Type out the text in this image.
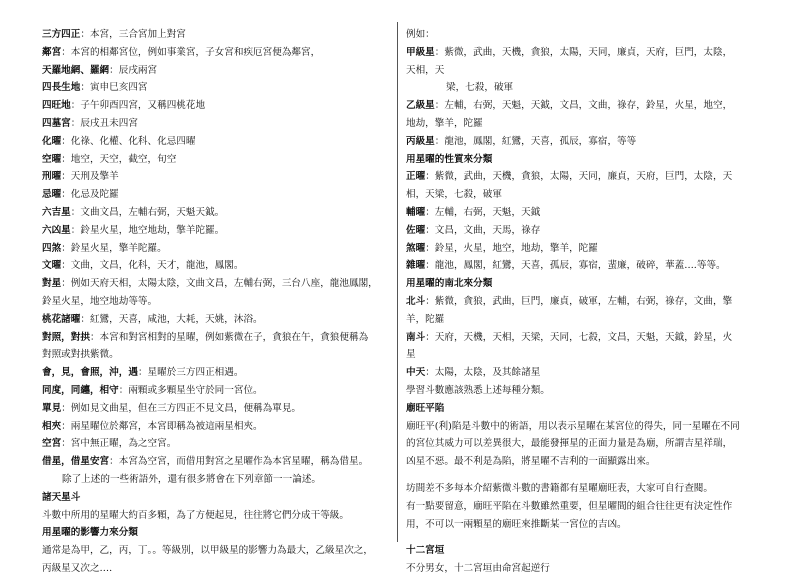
三方四正：本宮，三合宮加上對宮
鄰宮：本宮的相鄰宮位，例如事業宮，子女宮和疾厄宮便為鄰宮，
天羅地網、羅網：辰戌兩宮
四長生地：寅申巳亥四宮
四旺地：子午卯酉四宮，又稱四桃花地
四墓宮：辰戌丑未四宮
化曜：化祿、化權、化科、化忌四曜
空曜：地空，天空，截空，旬空
刑曜：天刑及擎羊
忌曜：化忌及陀羅
六吉星：文曲文昌，左輔右弼，天魁天鉞。
六凶星：鈴星火星，地空地劫，擎羊陀羅。
四煞：鈴星火星，擎羊陀羅。
文曜：文曲，文昌，化科，天才，龍池，鳳閣。
對星：例如天府天相，太陽太陰，文曲文昌，左輔右弼，三台八座，龍池鳳閣，
鈴星火星，地空地劫等等。
桃花諸曜：紅鸞，天喜，咸池，大耗，天姚，沐浴。
對照，對拱：本宮和對宮相對的星曜，例如紫微在子，貪狼在午，貪狼便稱為
對照或對拱紫微。
會，見，會照，沖，遇：星曜於三方四正相遇。
同度，同纏，相守：兩顆或多顆星坐守於同一宮位。
單見：例如見文曲星，但在三方四正不見文昌，便稱為單見。
相夾：兩星曜位於鄰宮，本宮即稱為被這兩星相夾。
空宮：宮中無正曜，為之空宮。
借星，借星安宮：本宮為空宮，而借用對宮之星曜作為本宮星曜，稱為借星。
除了上述的一些術語外，還有很多將會在下列章節一一論述。
諸天星斗
斗數中所用的星曜大約百多顆，為了方便起見，往往將它們分成干等級。
用星曜的影響力來分類
通常是為甲，乙，丙，丁。。等級別，以甲級星的影響力為最大，乙級星次之，
丙級星又次之….
例如：
甲級星：紫微，武曲，天機，貪狼，太陽，天同，廉貞，天府，巨門，太陰，
天相，天
梁，七殺，破軍
乙級星：左輔，右弼，天魁，天鉞，文昌，文曲，祿存，鈴星，火星，地空，
地劫，擎羊，陀羅
丙級星：龍池，鳳閣，紅鸞，天喜，孤辰，寡宿，等等
用星曜的性質來分類
正曜：紫微，武曲，天機，貪狼，太陽，天同，廉貞，天府，巨門，太陰，天
相，天梁，七殺，破軍
輔曜：左輔，右弼，天魁，天鉞
佐曜：文昌，文曲，天馬，祿存
煞曜：鈴星，火星，地空，地劫，擎羊，陀羅
雜曜：龍池，鳳閣，紅鸞，天喜，孤辰，寡宿，蜚廉，破碎，華蓋….等等。
用星曜的南北來分類
北斗：紫微，貪狼，武曲，巨門，廉貞，破軍，左輔，右弼，祿存，文曲，擎
羊，陀羅
南斗：天府，天機，天相，天梁，天同，七殺，文昌，天魁，天鉞，鈴星，火
星
中天：太陽，太陰，及其餘諸星
學習斗數應該熟悉上述每種分類。
廟旺平陷
廟旺平(利)陷是斗數中的術語，用以表示星曜在某宮位的得失，同一星曜在不同
的宮位其威力可以差異很大，最能發揮星的正面力量是為廟，所謂吉星祥瑞，
凶星不惡。最不利是為陷，將星曜不吉利的一面顯露出來。
坊間差不多每本介紹紫微斗數的書籍都有星曜廟旺表，大家可自行查閱。
有一點要留意，廟旺平陷在斗數雖然重要，但星曜間的組合往往更有決定性作
用，不可以一兩顆星的廟旺來推斷某一宮位的吉凶。
十二宮垣
不分男女，十二宮垣由命宮起逆行
